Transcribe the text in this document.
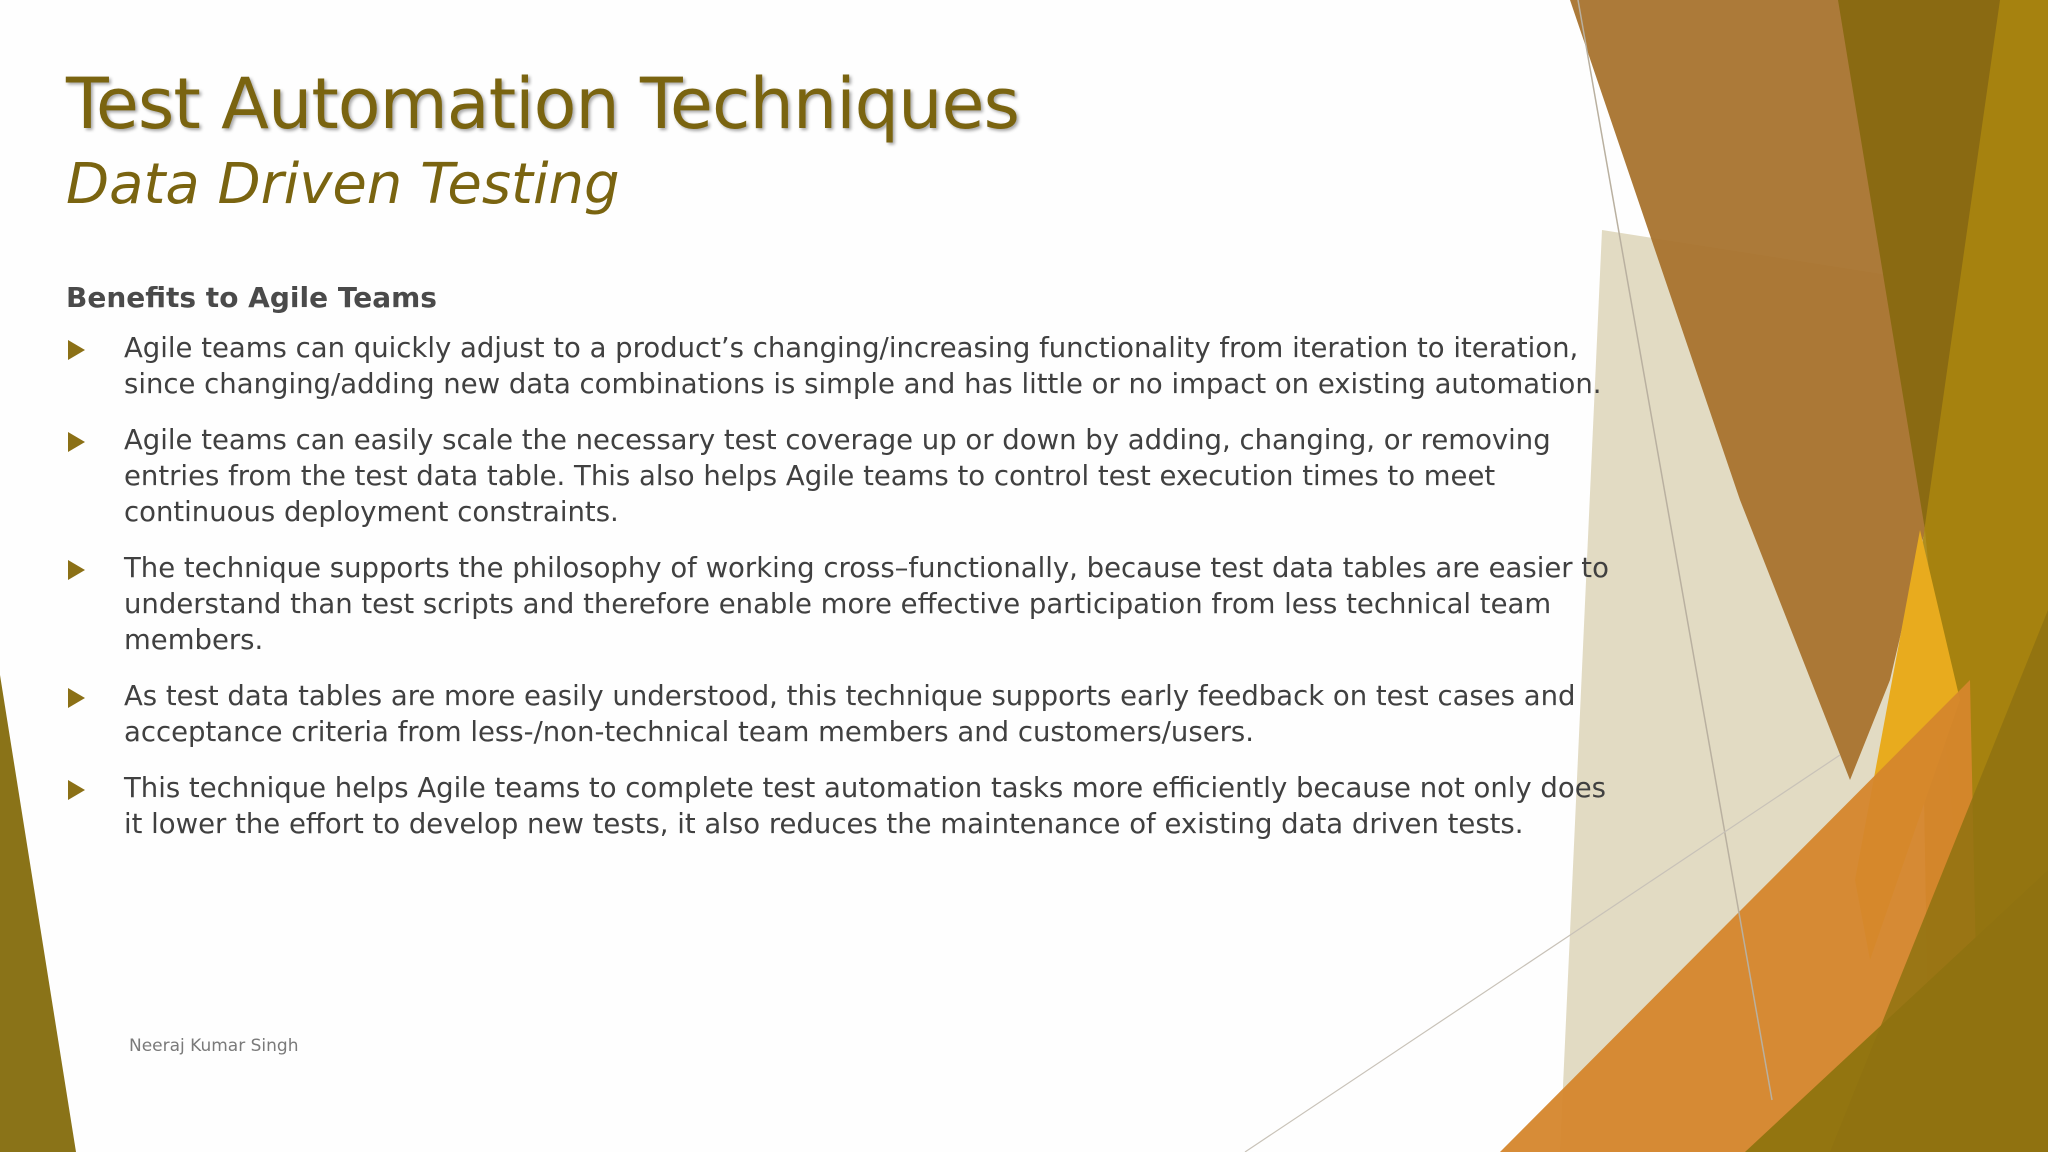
Test Automation Techniques
Data Driven Testing
Benefits to Agile Teams
Agile teams can quickly adjust to a product’s changing/increasing functionality from iteration to iteration, since changing/adding new data combinations is simple and has little or no impact on existing automation.
Agile teams can easily scale the necessary test coverage up or down by adding, changing, or removing entries from the test data table. This also helps Agile teams to control test execution times to meet continuous deployment constraints.
The technique supports the philosophy of working cross–functionally, because test data tables are easier to understand than test scripts and therefore enable more effective participation from less technical team members.
As test data tables are more easily understood, this technique supports early feedback on test cases and acceptance criteria from less-/non-technical team members and customers/users.
This technique helps Agile teams to complete test automation tasks more efficiently because not only does it lower the effort to develop new tests, it also reduces the maintenance of existing data driven tests.
Neeraj Kumar Singh
